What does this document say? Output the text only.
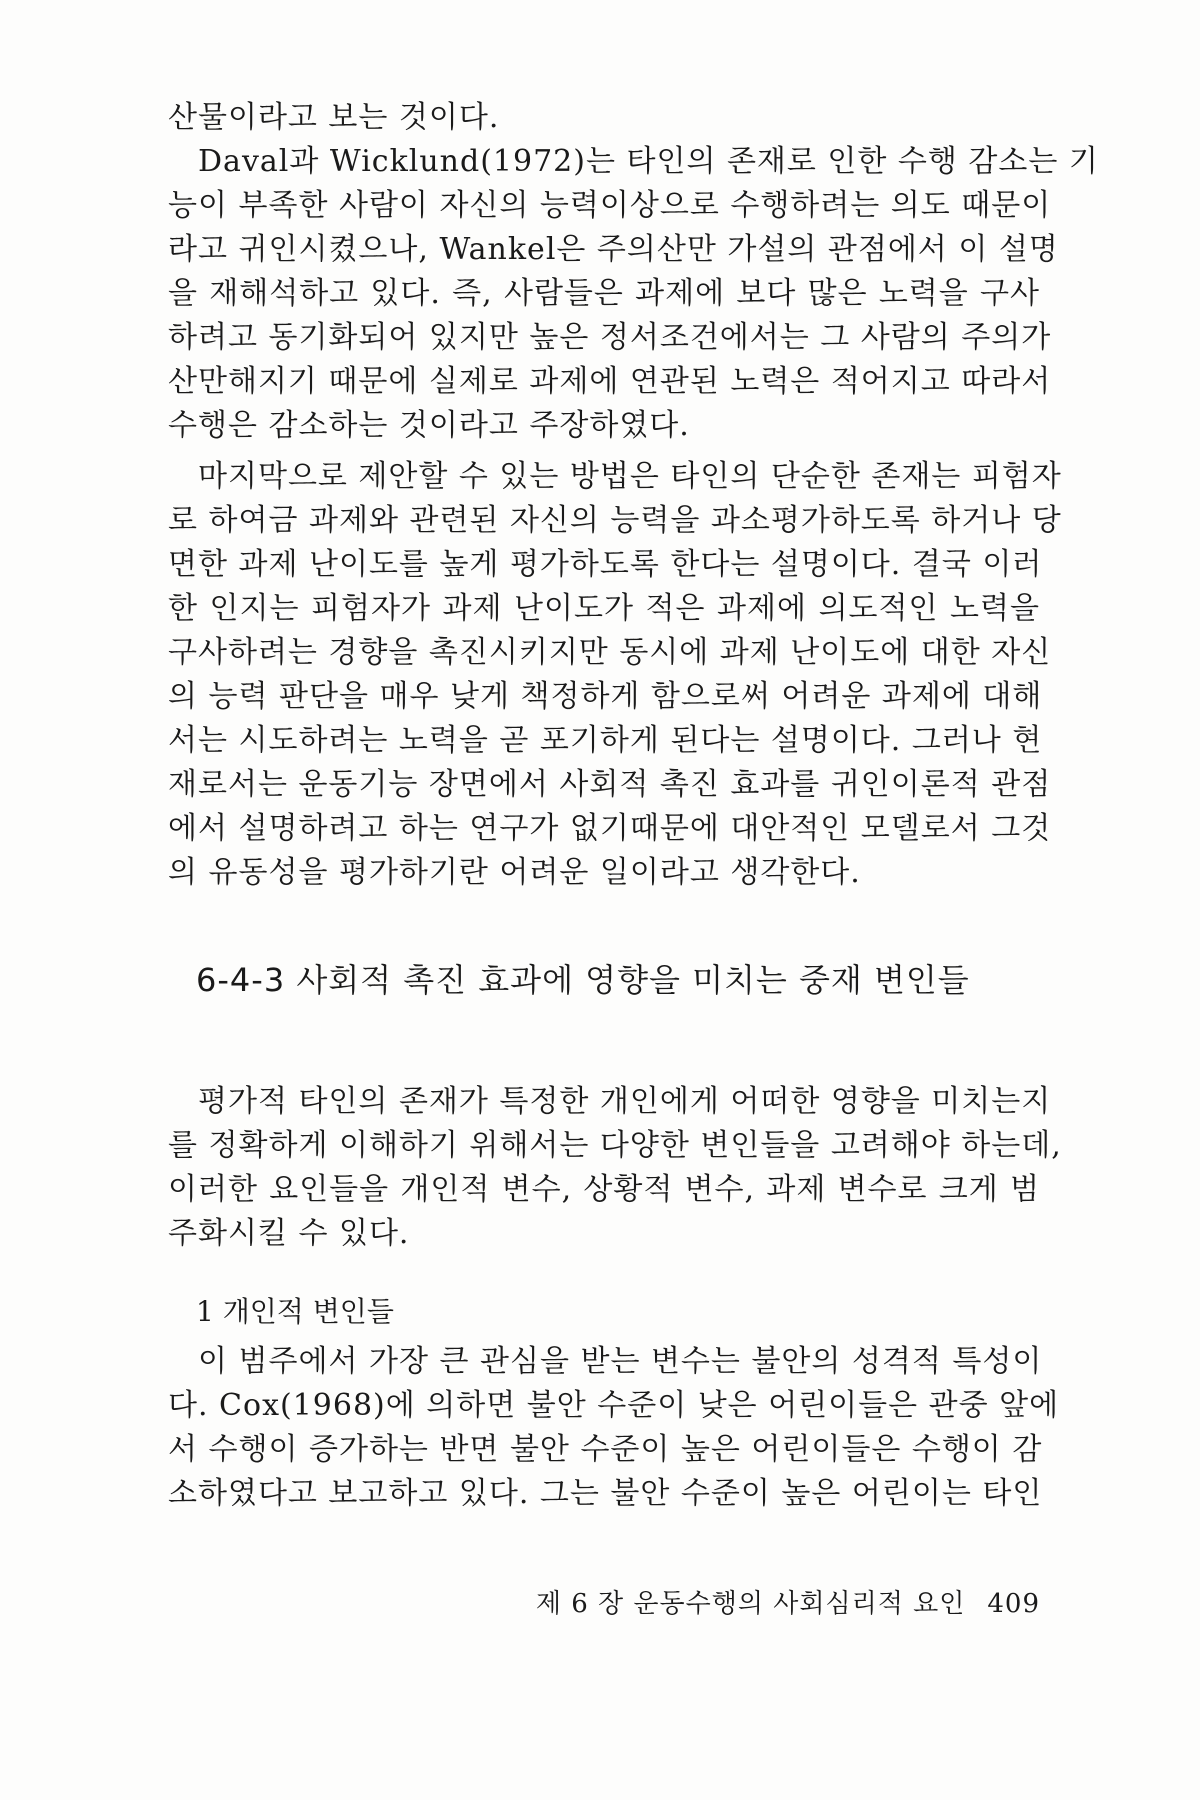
산물이라고 보는 것이다.
Daval과 Wicklund(1972)는 타인의 존재로 인한 수행 감소는 기
능이 부족한 사람이 자신의 능력이상으로 수행하려는 의도 때문이
라고 귀인시켰으나, Wankel은 주의산만 가설의 관점에서 이 설명
을 재해석하고 있다. 즉, 사람들은 과제에 보다 많은 노력을 구사
하려고 동기화되어 있지만 높은 정서조건에서는 그 사람의 주의가
산만해지기 때문에 실제로 과제에 연관된 노력은 적어지고 따라서
수행은 감소하는 것이라고 주장하였다.
마지막으로 제안할 수 있는 방법은 타인의 단순한 존재는 피험자
로 하여금 과제와 관련된 자신의 능력을 과소평가하도록 하거나 당
면한 과제 난이도를 높게 평가하도록 한다는 설명이다. 결국 이러
한 인지는 피험자가 과제 난이도가 적은 과제에 의도적인 노력을
구사하려는 경향을 촉진시키지만 동시에 과제 난이도에 대한 자신
의 능력 판단을 매우 낮게 책정하게 함으로써 어려운 과제에 대해
서는 시도하려는 노력을 곧 포기하게 된다는 설명이다. 그러나 현
재로서는 운동기능 장면에서 사회적 촉진 효과를 귀인이론적 관점
에서 설명하려고 하는 연구가 없기때문에 대안적인 모델로서 그것
의 유동성을 평가하기란 어려운 일이라고 생각한다.
6-4-3 사회적 촉진 효과에 영향을 미치는 중재 변인들
평가적 타인의 존재가 특정한 개인에게 어떠한 영향을 미치는지
를 정확하게 이해하기 위해서는 다양한 변인들을 고려해야 하는데,
이러한 요인들을 개인적 변수, 상황적 변수, 과제 변수로 크게 범
주화시킬 수 있다.
1 개인적 변인들
이 범주에서 가장 큰 관심을 받는 변수는 불안의 성격적 특성이
다. Cox(1968)에 의하면 불안 수준이 낮은 어린이들은 관중 앞에
서 수행이 증가하는 반면 불안 수준이 높은 어린이들은 수행이 감
소하였다고 보고하고 있다. 그는 불안 수준이 높은 어린이는 타인
제 6 장 운동수행의 사회심리적 요인 409
